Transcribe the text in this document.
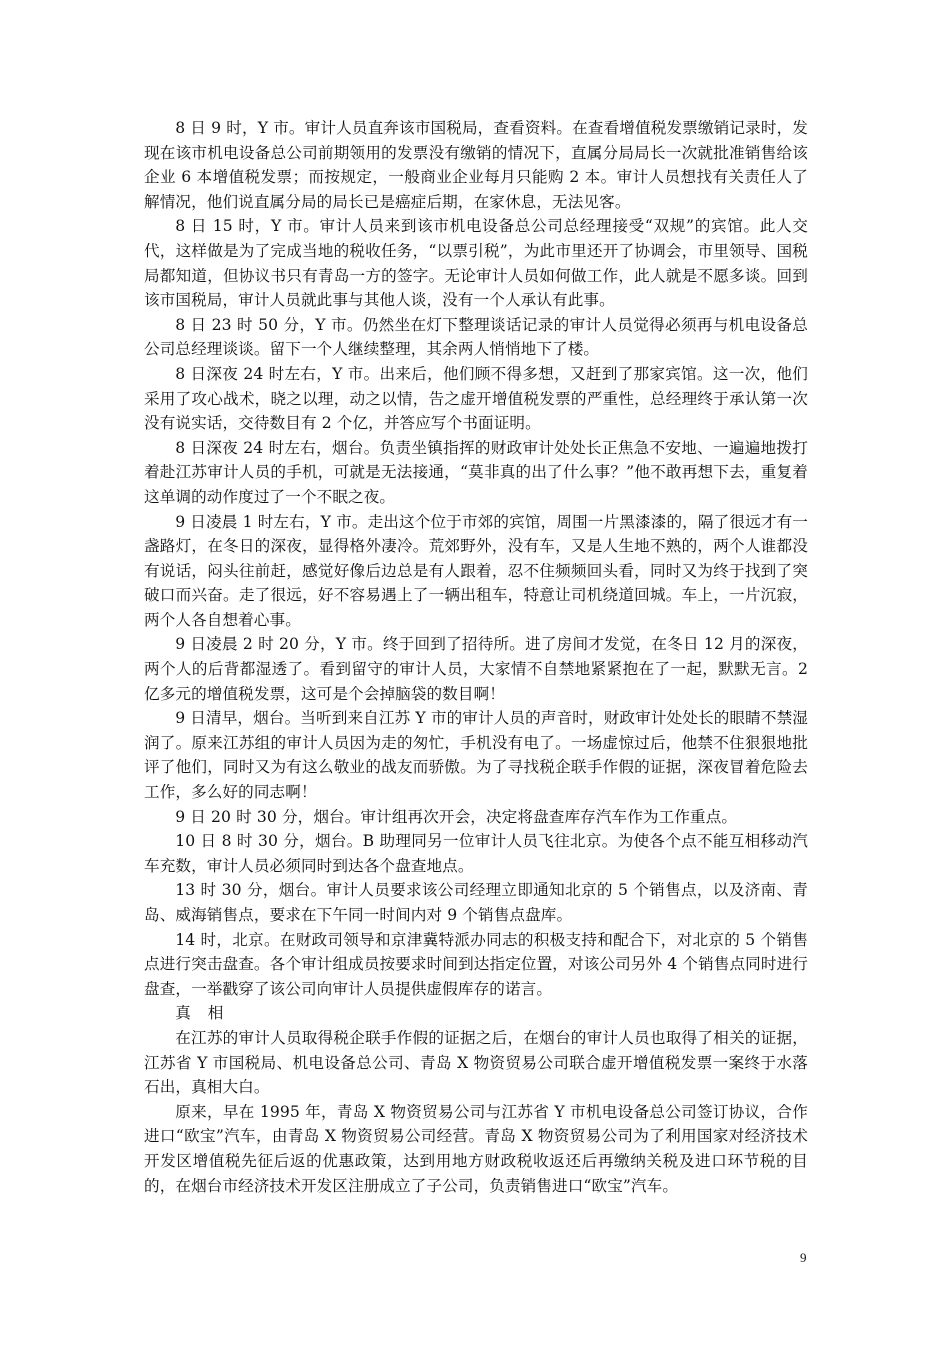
8 日 9 时，Y 市。审计人员直奔该市国税局，查看资料。在查看增值税发票缴销记录时，发现在该市机电设备总公司前期领用的发票没有缴销的情况下，直属分局局长一次就批准销售给该企业 6 本增值税发票；而按规定，一般商业企业每月只能购 2 本。审计人员想找有关责任人了解情况，他们说直属分局的局长已是癌症后期，在家休息，无法见客。

8 日 15 时，Y 市。审计人员来到该市机电设备总公司总经理接受“双规”的宾馆。此人交代，这样做是为了完成当地的税收任务，“以票引税”，为此市里还开了协调会，市里领导、国税局都知道，但协议书只有青岛一方的签字。无论审计人员如何做工作，此人就是不愿多谈。回到该市国税局，审计人员就此事与其他人谈，没有一个人承认有此事。

8 日 23 时 50 分，Y 市。仍然坐在灯下整理谈话记录的审计人员觉得必须再与机电设备总公司总经理谈谈。留下一个人继续整理，其余两人悄悄地下了楼。

8 日深夜 24 时左右，Y 市。出来后，他们顾不得多想，又赶到了那家宾馆。这一次，他们采用了攻心战术，晓之以理，动之以情，告之虚开增值税发票的严重性，总经理终于承认第一次没有说实话，交待数目有 2 个亿，并答应写个书面证明。

8 日深夜 24 时左右，烟台。负责坐镇指挥的财政审计处处长正焦急不安地、一遍遍地拨打着赴江苏审计人员的手机，可就是无法接通，“莫非真的出了什么事？”他不敢再想下去，重复着这单调的动作度过了一个不眠之夜。

9 日凌晨 1 时左右，Y 市。走出这个位于市郊的宾馆，周围一片黑漆漆的，隔了很远才有一盏路灯，在冬日的深夜，显得格外凄冷。荒郊野外，没有车，又是人生地不熟的，两个人谁都没有说话，闷头往前赶，感觉好像后边总是有人跟着，忍不住频频回头看，同时又为终于找到了突破口而兴奋。走了很远，好不容易遇上了一辆出租车，特意让司机绕道回城。车上，一片沉寂，两个人各自想着心事。

9 日凌晨 2 时 20 分，Y 市。终于回到了招待所。进了房间才发觉，在冬日 12 月的深夜，两个人的后背都湿透了。看到留守的审计人员，大家情不自禁地紧紧抱在了一起，默默无言。2 亿多元的增值税发票，这可是个会掉脑袋的数目啊！

9 日清早，烟台。当听到来自江苏 Y 市的审计人员的声音时，财政审计处处长的眼睛不禁湿润了。原来江苏组的审计人员因为走的匆忙，手机没有电了。一场虚惊过后，他禁不住狠狠地批评了他们，同时又为有这么敬业的战友而骄傲。为了寻找税企联手作假的证据，深夜冒着危险去工作，多么好的同志啊！

9 日 20 时 30 分，烟台。审计组再次开会，决定将盘查库存汽车作为工作重点。

10 日 8 时 30 分，烟台。B 助理同另一位审计人员飞往北京。为使各个点不能互相移动汽车充数，审计人员必须同时到达各个盘查地点。

13 时 30 分，烟台。审计人员要求该公司经理立即通知北京的 5 个销售点，以及济南、青岛、威海销售点，要求在下午同一时间内对 9 个销售点盘库。

14 时，北京。在财政司领导和京津冀特派办同志的积极支持和配合下，对北京的 5 个销售点进行突击盘查。各个审计组成员按要求时间到达指定位置，对该公司另外 4 个销售点同时进行盘查，一举戳穿了该公司向审计人员提供虚假库存的诺言。

真 相

在江苏的审计人员取得税企联手作假的证据之后，在烟台的审计人员也取得了相关的证据，江苏省 Y 市国税局、机电设备总公司、青岛 X 物资贸易公司联合虚开增值税发票一案终于水落石出，真相大白。

原来，早在 1995 年，青岛 X 物资贸易公司与江苏省 Y 市机电设备总公司签订协议，合作进口“欧宝”汽车，由青岛 X 物资贸易公司经营。青岛 X 物资贸易公司为了利用国家对经济技术开发区增值税先征后返的优惠政策，达到用地方财政税收返还后再缴纳关税及进口环节税的目的，在烟台市经济技术开发区注册成立了子公司，负责销售进口“欧宝”汽车。

9
